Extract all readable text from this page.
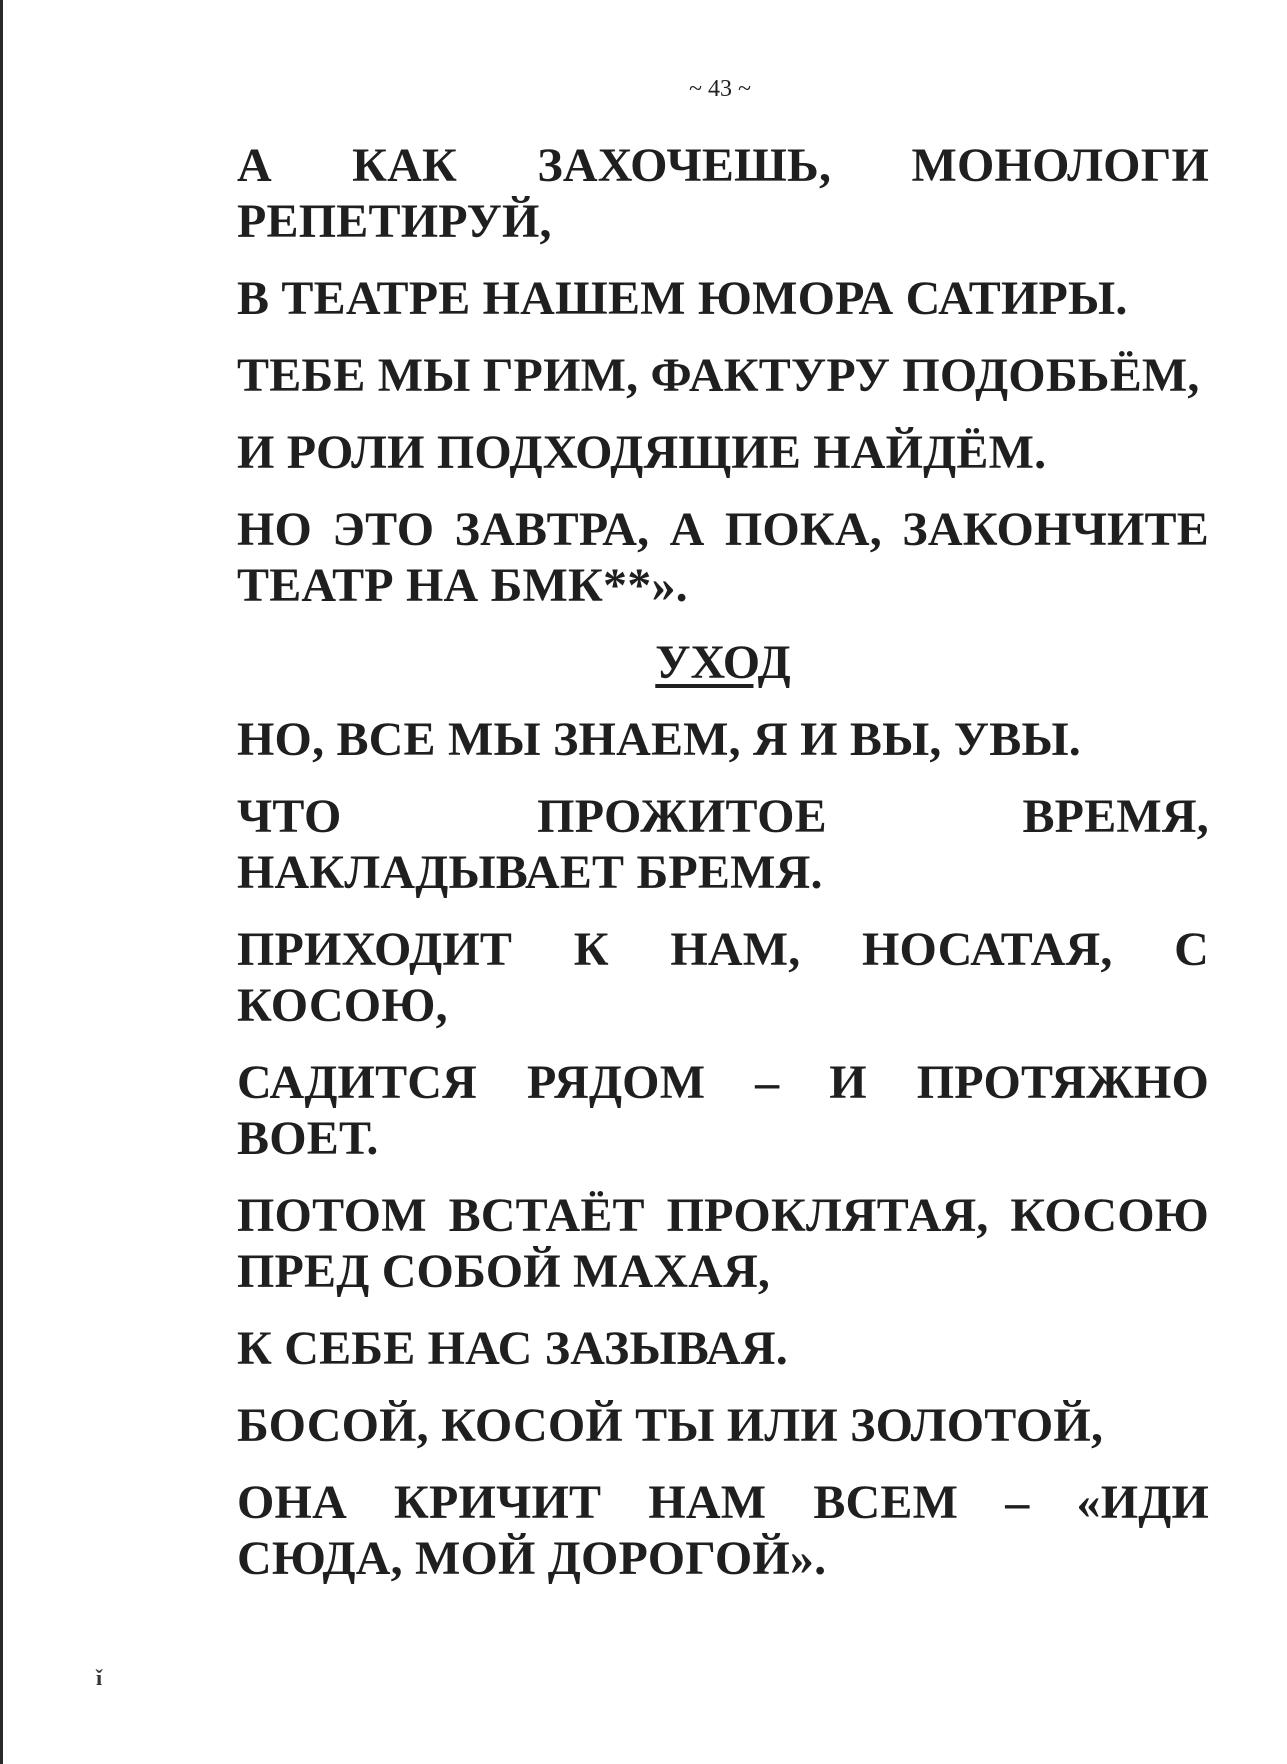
~ 43 ~

А КАК ЗАХОЧЕШЬ, МОНОЛОГИ РЕПЕТИРУЙ,

В ТЕАТРЕ НАШЕМ ЮМОРА САТИРЫ.

ТЕБЕ МЫ ГРИМ, ФАКТУРУ ПОДОБЬЁМ,

И РОЛИ ПОДХОДЯЩИЕ НАЙДЁМ.

НО ЭТО ЗАВТРА, А ПОКА, ЗАКОНЧИТЕ ТЕАТР НА БМК**».

УХОД

НО, ВСЕ МЫ ЗНАЕМ, Я И ВЫ, УВЫ.

ЧТО ПРОЖИТОЕ ВРЕМЯ, НАКЛАДЫВАЕТ БРЕМЯ.

ПРИХОДИТ К НАМ, НОСАТАЯ, С КОСОЮ,

САДИТСЯ РЯДОМ – И ПРОТЯЖНО ВОЕТ.

ПОТОМ ВСТАЁТ ПРОКЛЯТАЯ, КОСОЮ ПРЕД СОБОЙ МАХАЯ,

К СЕБЕ НАС ЗАЗЫВАЯ.

БОСОЙ, КОСОЙ ТЫ ИЛИ ЗОЛОТОЙ,

ОНА КРИЧИТ НАМ ВСЕМ – «ИДИ СЮДА, МОЙ ДОРОГОЙ».

ǐ
